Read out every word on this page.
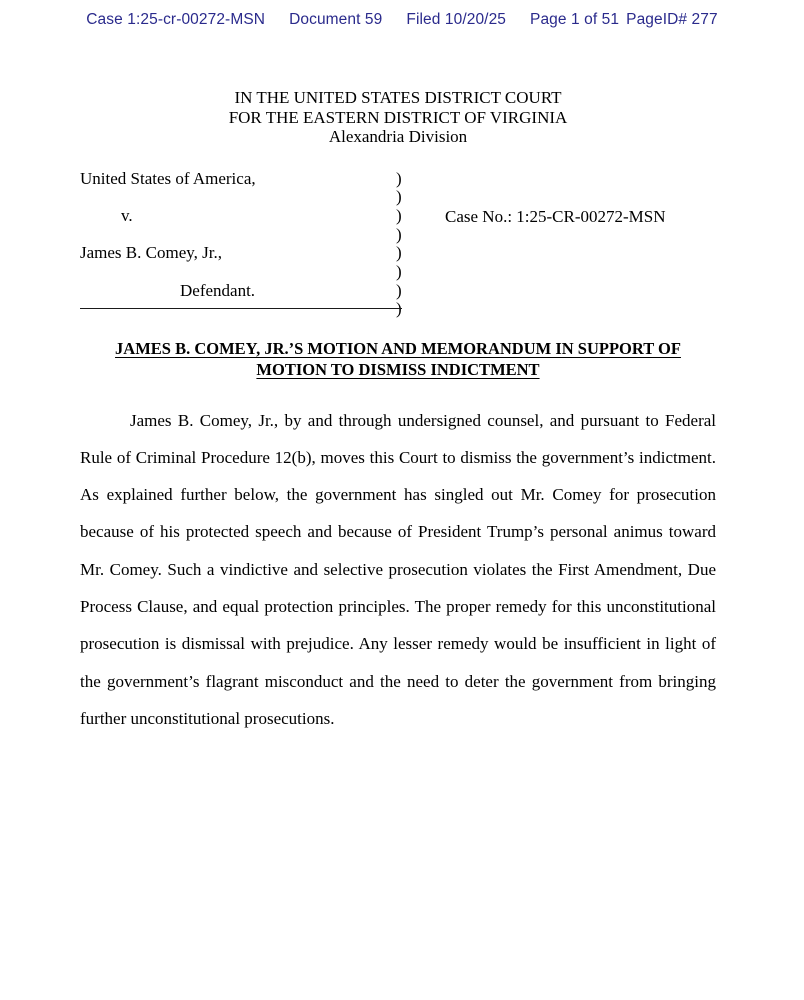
Case 1:25-cr-00272-MSN Document 59 Filed 10/20/25 Page 1 of 51 PageID# 277
IN THE UNITED STATES DISTRICT COURT
FOR THE EASTERN DISTRICT OF VIRGINIA
Alexandria Division
United States of America,

v.

James B. Comey, Jr.,

Defendant.
)
)
)
)
)
)
)
)
Case No.: 1:25-CR-00272-MSN
JAMES B. COMEY, JR.’S MOTION AND MEMORANDUM IN SUPPORT OF
MOTION TO DISMISS INDICTMENT
James B. Comey, Jr., by and through undersigned counsel, and pursuant to Federal Rule of Criminal Procedure 12(b), moves this Court to dismiss the government’s indictment. As explained further below, the government has singled out Mr. Comey for prosecution because of his protected speech and because of President Trump’s personal animus toward Mr. Comey. Such a vindictive and selective prosecution violates the First Amendment, Due Process Clause, and equal protection principles. The proper remedy for this unconstitutional prosecution is dismissal with prejudice. Any lesser remedy would be insufficient in light of the government’s flagrant misconduct and the need to deter the government from bringing further unconstitutional prosecutions.
